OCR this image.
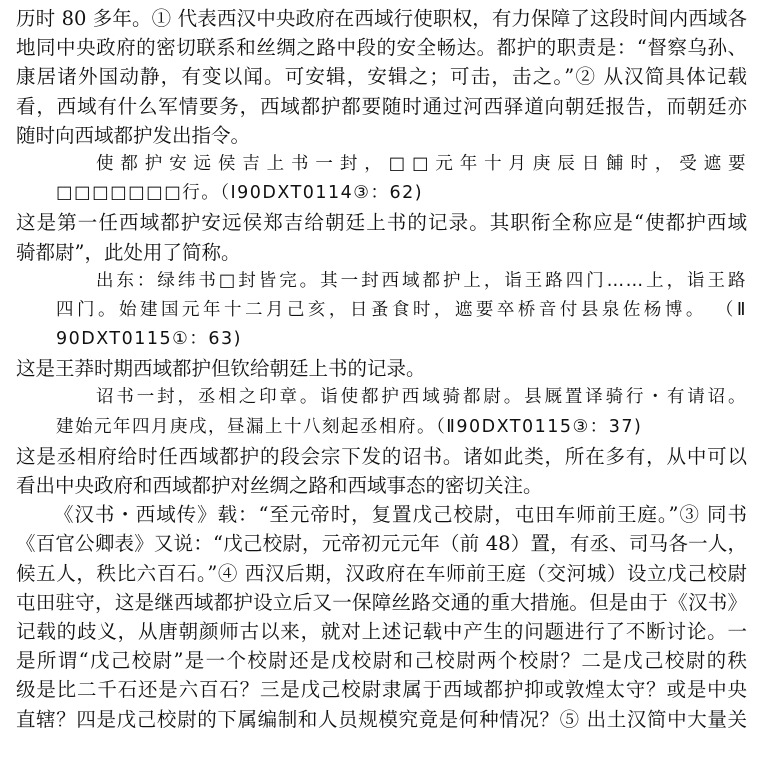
历时 80 多年。① 代表西汉中央政府在西域行使职权，有力保障了这段时间内西域各
地同中央政府的密切联系和丝绸之路中段的安全畅达。都护的职责是：“督察乌孙、
康居诸外国动静，有变以闻。可安辑，安辑之；可击，击之。”② 从汉简具体记载
看，西域有什么军情要务，西域都护都要随时通过河西驿道向朝廷报告，而朝廷亦
随时向西域都护发出指令。
使都护安远侯吉上书一封，□□元年十月庚辰日餔时，受遮要
□□□□□□□行。（Ⅰ90DXT0114③：62)
这是第一任西域都护安远侯郑吉给朝廷上书的记录。其职衔全称应是“使都护西域
骑都尉”，此处用了简称。
出东：绿纬书□封皆完。其一封西域都护上，诣王路四门……上，诣王路
四门。始建国元年十二月己亥，日蚤食时，遮要卒桥音付县泉佐杨博。 （Ⅱ
90DXT0115①：63)
这是王莽时期西域都护但钦给朝廷上书的记录。
诏书一封，丞相之印章。诣使都护西域骑都尉。县厩置译骑行・有请诏。
建始元年四月庚戌，昼漏上十八刻起丞相府。（Ⅱ90DXT0115③：37)
这是丞相府给时任西域都护的段会宗下发的诏书。诸如此类，所在多有，从中可以
看出中央政府和西域都护对丝绸之路和西域事态的密切关注。
《汉书・西域传》载：“至元帝时，复置戊己校尉，屯田车师前王庭。”③ 同书
《百官公卿表》又说：“戊己校尉，元帝初元元年（前 48）置，有丞、司马各一人，
候五人，秩比六百石。”④ 西汉后期，汉政府在车师前王庭（交河城）设立戊己校尉
屯田驻守，这是继西域都护设立后又一保障丝路交通的重大措施。但是由于《汉书》
记载的歧义，从唐朝颜师古以来，就对上述记载中产生的问题进行了不断讨论。一
是所谓“戊己校尉”是一个校尉还是戊校尉和己校尉两个校尉？二是戊己校尉的秩
级是比二千石还是六百石？三是戊己校尉隶属于西域都护抑或敦煌太守？或是中央
直辖？四是戊己校尉的下属编制和人员规模究竟是何种情况？⑤ 出土汉简中大量关
